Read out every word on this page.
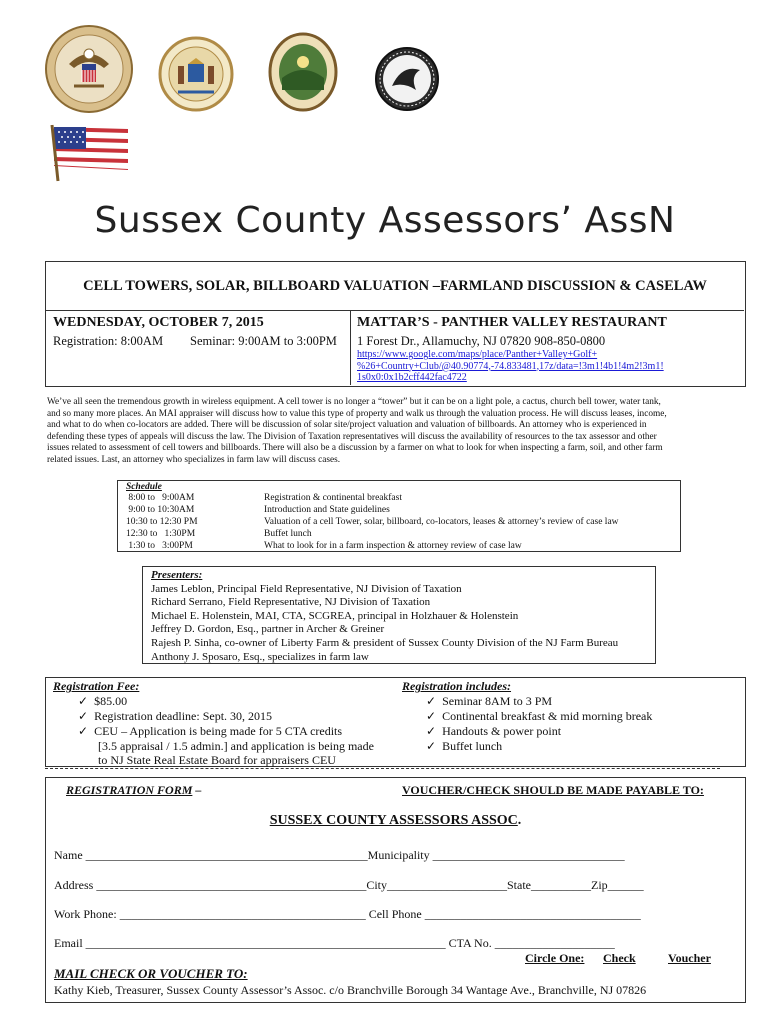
Sussex County Assessors’ AssN
CELL TOWERS, SOLAR, BILLBOARD VALUATION –FARMLAND DISCUSSION & CASELAW
WEDNESDAY, OCTOBER 7, 2015
Registration: 8:00AM Seminar: 9:00AM to 3:00PM
MATTAR’S - PANTHER VALLEY RESTAURANT
1 Forest Dr., Allamuchy, NJ 07820 908-850-0800
https://www.google.com/maps/place/Panther+Valley+Golf+
%26+Country+Club/@40.90774,-74.833481,17z/data=!3m1!4b1!4m2!3m1!
1s0x0:0x1b2cff442fac4722
We’ve all seen the tremendous growth in wireless equipment. A cell tower is no longer a “tower” but it can be on a light pole, a cactus, church bell tower, water tank,
and so many more places. An MAI appraiser will discuss how to value this type of property and walk us through the valuation process. He will discuss leases, income,
and what to do when co-locators are added. There will be discussion of solar site/project valuation and valuation of billboards. An attorney who is experienced in
defending these types of appeals will discuss the law. The Division of Taxation representatives will discuss the availability of resources to the tax assessor and other
issues related to assessment of cell towers and billboards. There will also be a discussion by a farmer on what to look for when inspecting a farm, soil, and other farm
related issues. Last, an attorney who specializes in farm law will discuss cases.
Schedule
8:00 to   9:00AM	Registration & continental breakfast
9:00 to 10:30AM	Introduction and State guidelines
10:30 to 12:30 PM	Valuation of a cell Tower, solar, billboard, co-locators, leases & attorney’s review of case law
12:30 to   1:30PM	Buffet lunch
1:30 to   3:00PM	What to look for in a farm inspection & attorney review of case law
Presenters:
James Leblon, Principal Field Representative, NJ Division of Taxation
Richard Serrano, Field Representative, NJ Division of Taxation
Michael E. Holenstein, MAI, CTA, SCGREA, principal in Holzhauer & Holenstein
Jeffrey D. Gordon, Esq., partner in Archer & Greiner
Rajesh P. Sinha, co-owner of Liberty Farm & president of Sussex County Division of the NJ Farm Bureau
Anthony J. Sposaro, Esq., specializes in farm law
Registration Fee:
✓ $85.00
✓ Registration deadline: Sept. 30, 2015
✓ CEU – Application is being made for 5 CTA credits
[3.5 appraisal / 1.5 admin.] and application is being made
to NJ State Real Estate Board for appraisers CEU
Registration includes:
✓ Seminar 8AM to 3 PM
✓ Continental breakfast & mid morning break
✓ Handouts & power point
✓ Buffet lunch
REGISTRATION FORM –	VOUCHER/CHECK SHOULD BE MADE PAYABLE TO:
SUSSEX COUNTY ASSESSORS ASSOC.
Name _______________________________________________Municipality ________________________________
Address _____________________________________________City____________________State__________Zip______
Work Phone: _________________________________________ Cell Phone ____________________________________
Email ____________________________________________________________ CTA No. ____________________
Circle One: Check	Voucher
MAIL CHECK OR VOUCHER TO:
Kathy Kieb, Treasurer, Sussex County Assessor’s Assoc. c/o Branchville Borough 34 Wantage Ave., Branchville, NJ 07826
